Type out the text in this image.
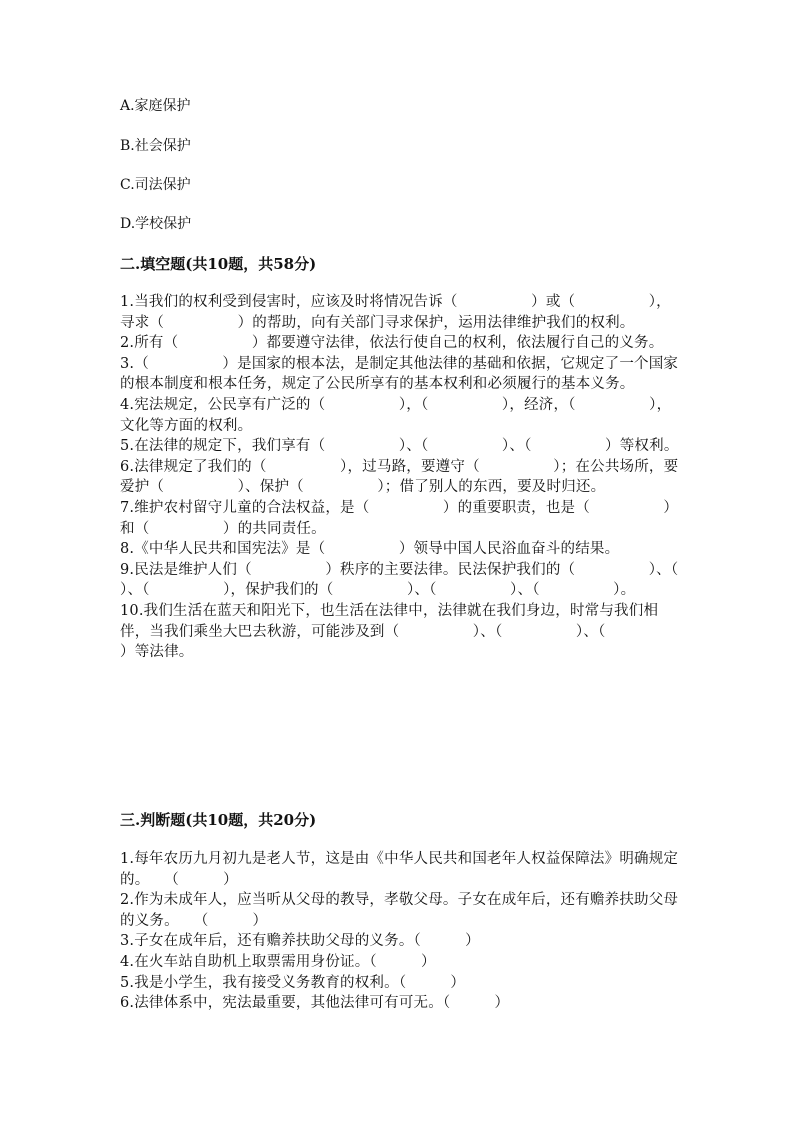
A.家庭保护
B.社会保护
C.司法保护
D.学校保护
二.填空题(共10题，共58分)
1.当我们的权利受到侵害时，应该及时将情况告诉（　　　　　）或（　　　　　），寻求（　　　　　）的帮助，向有关部门寻求保护，运用法律维护我们的权利。
2.所有（　　　　　）都要遵守法律，依法行使自己的权利，依法履行自己的义务。
3.（　　　　　）是国家的根本法，是制定其他法律的基础和依据，它规定了一个国家的根本制度和根本任务，规定了公民所享有的基本权利和必须履行的基本义务。
4.宪法规定，公民享有广泛的（　　　　　），（　　　　　），经济，（　　　　　），文化等方面的权利。
5.在法律的规定下，我们享有（　　　　　）、（　　　　　）、（　　　　　）等权利。
6.法律规定了我们的（　　　　　），过马路，要遵守（　　　　　）；在公共场所，要爱护（　　　　　）、保护（　　　　　）；借了别人的东西，要及时归还。
7.维护农村留守儿童的合法权益，是（　　　　　）的重要职责，也是（　　　　　）和（　　　　　）的共同责任。
8.《中华人民共和国宪法》是（　　　　　）领导中国人民浴血奋斗的结果。
9.民法是维护人们（　　　　　）秩序的主要法律。民法保护我们的（　　　　　）、（　　　　　）、（　　　　　），保护我们的（　　　　　）、（　　　　　）、（　　　　　）。
10.我们生活在蓝天和阳光下，也生活在法律中，法律就在我们身边，时常与我们相伴，当我们乘坐大巴去秋游，可能涉及到（　　　　　）、（　　　　　）、（　　　　　）等法律。
三.判断题(共10题，共20分)
1.每年农历九月初九是老人节，这是由《中华人民共和国老年人权益保障法》明确规定的。　　（　　　）
2.作为未成年人，应当听从父母的教导，孝敬父母。子女在成年后，还有赡养扶助父母的义务。　　（　　　）
3.子女在成年后，还有赡养扶助父母的义务。（　　　）
4.在火车站自助机上取票需用身份证。（　　　）
5.我是小学生，我有接受义务教育的权利。（　　　）
6.法律体系中，宪法最重要，其他法律可有可无。（　　　）
